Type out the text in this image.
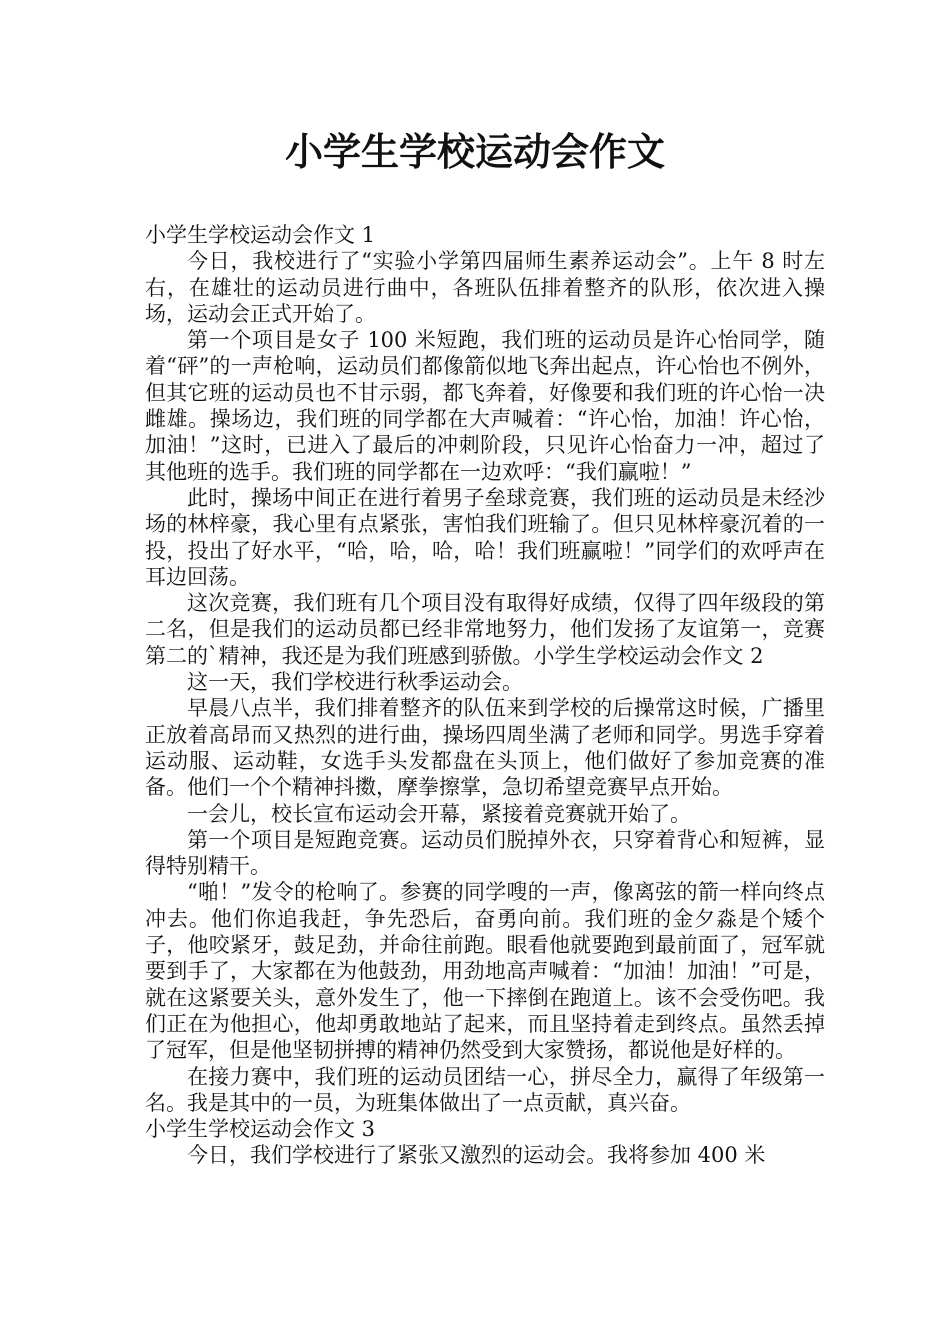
小学生学校运动会作文

小学生学校运动会作文 1

今日，我校进行了“实验小学第四届师生素养运动会”。上午 8 时左右，在雄壮的运动员进行曲中，各班队伍排着整齐的队形，依次进入操场，运动会正式开始了。

第一个项目是女子 100 米短跑，我们班的运动员是许心怡同学，随着“砰”的一声枪响，运动员们都像箭似地飞奔出起点，许心怡也不例外，但其它班的运动员也不甘示弱，都飞奔着，好像要和我们班的许心怡一决雌雄。操场边，我们班的同学都在大声喊着：“许心怡，加油！许心怡，加油！”这时，已进入了最后的冲刺阶段，只见许心怡奋力一冲，超过了其他班的选手。我们班的同学都在一边欢呼：“我们赢啦！”

此时，操场中间正在进行着男子垒球竞赛，我们班的运动员是未经沙场的林梓豪，我心里有点紧张，害怕我们班输了。但只见林梓豪沉着的一投，投出了好水平，“哈，哈，哈，哈！我们班赢啦！”同学们的欢呼声在耳边回荡。

这次竞赛，我们班有几个项目没有取得好成绩，仅得了四年级段的第二名，但是我们的运动员都已经非常地努力，他们发扬了友谊第一，竞赛第二的`精神，我还是为我们班感到骄傲。小学生学校运动会作文 2

这一天，我们学校进行秋季运动会。

早晨八点半，我们排着整齐的队伍来到学校的后操常这时候，广播里正放着高昂而又热烈的进行曲，操场四周坐满了老师和同学。男选手穿着运动服、运动鞋，女选手头发都盘在头顶上，他们做好了参加竞赛的准备。他们一个个精神抖擞，摩拳擦掌，急切希望竞赛早点开始。

一会儿，校长宣布运动会开幕，紧接着竞赛就开始了。

第一个项目是短跑竞赛。运动员们脱掉外衣，只穿着背心和短裤，显得特别精干。

“啪！”发令的枪响了。参赛的同学嗖的一声，像离弦的箭一样向终点冲去。他们你追我赶，争先恐后，奋勇向前。我们班的金夕淼是个矮个子，他咬紧牙，鼓足劲，并命往前跑。眼看他就要跑到最前面了，冠军就要到手了，大家都在为他鼓劲，用劲地高声喊着：“加油！加油！”可是，就在这紧要关头，意外发生了，他一下摔倒在跑道上。该不会受伤吧。我们正在为他担心，他却勇敢地站了起来，而且坚持着走到终点。虽然丢掉了冠军，但是他坚韧拼搏的精神仍然受到大家赞扬，都说他是好样的。

在接力赛中，我们班的运动员团结一心，拼尽全力，赢得了年级第一名。我是其中的一员，为班集体做出了一点贡献，真兴奋。

小学生学校运动会作文 3

今日，我们学校进行了紧张又激烈的运动会。我将参加 400 米
